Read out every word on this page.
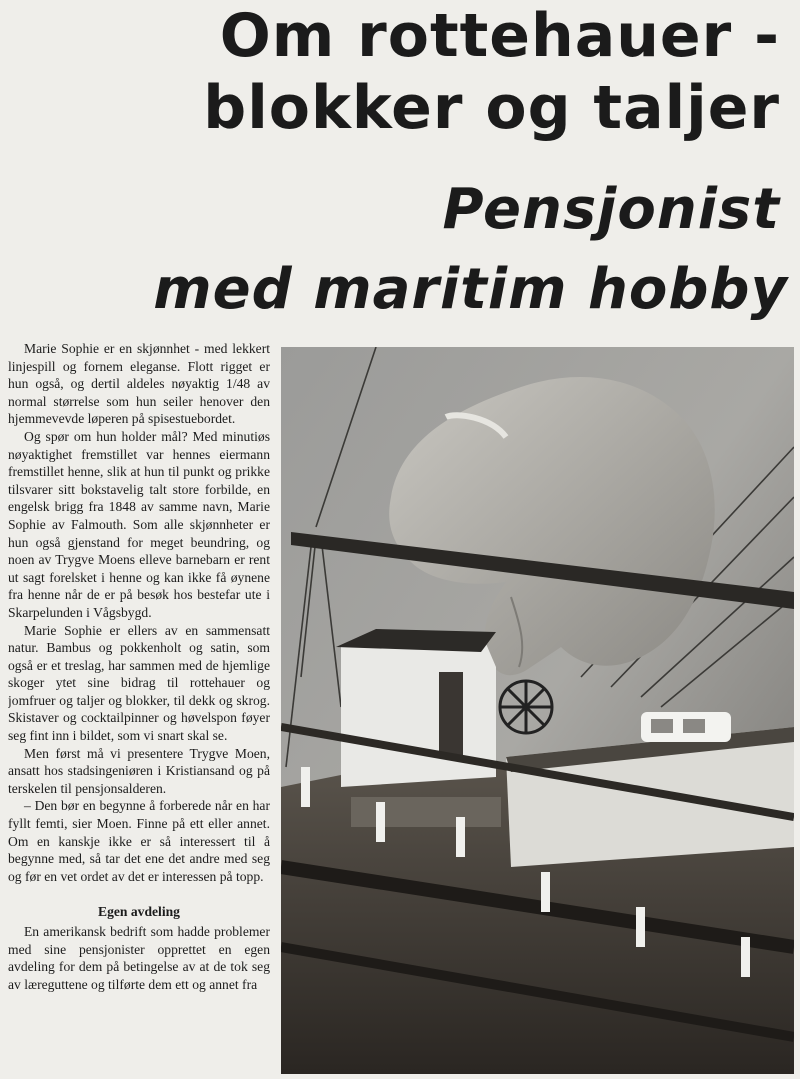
Om rottehauer -
blokker og taljer
Pensjonist
med maritim hobby

Marie Sophie er en skjønnhet - med lekkert linjespill og fornem eleganse. Flott rigget er hun også, og dertil aldeles nøyaktig 1/48 av normal størrelse som hun seiler henover den hjemmevevde løperen på spisestuebordet.

Og spør om hun holder mål? Med minutiøs nøyaktighet fremstillet var hennes eiermann fremstillet henne, slik at hun til punkt og prikke tilsvarer sitt bokstavelig talt store forbilde, en engelsk brigg fra 1848 av samme navn, Marie Sophie av Falmouth. Som alle skjønnheter er hun også gjenstand for meget beundring, og noen av Trygve Moens elleve barnebarn er rent ut sagt forelsket i henne og kan ikke få øynene fra henne når de er på besøk hos bestefar ute i Skarpelunden i Vågsbygd.

Marie Sophie er ellers av en sammensatt natur. Bambus og pokkenholt og satin, som også er et treslag, har sammen med de hjemlige skoger ytet sine bidrag til rottehauer og jomfruer og taljer og blokker, til dekk og skrog. Skistaver og cocktailpinner og høvelspon føyer seg fint inn i bildet, som vi snart skal se.

Men først må vi presentere Trygve Moen, ansatt hos stadsingeniøren i Kristiansand og på terskelen til pensjonsalderen.

– Den bør en begynne å forberede når en har fyllt femti, sier Moen. Finne på ett eller annet. Om en kanskje ikke er så interessert til å begynne med, så tar det ene det andre med seg og før en vet ordet av det er interessen på topp.

Egen avdeling

En amerikansk bedrift som hadde problemer med sine pensjonister opprettet en egen avdeling for dem på betingelse av at de tok seg av læreguttene og tilførte dem ett og annet fra
